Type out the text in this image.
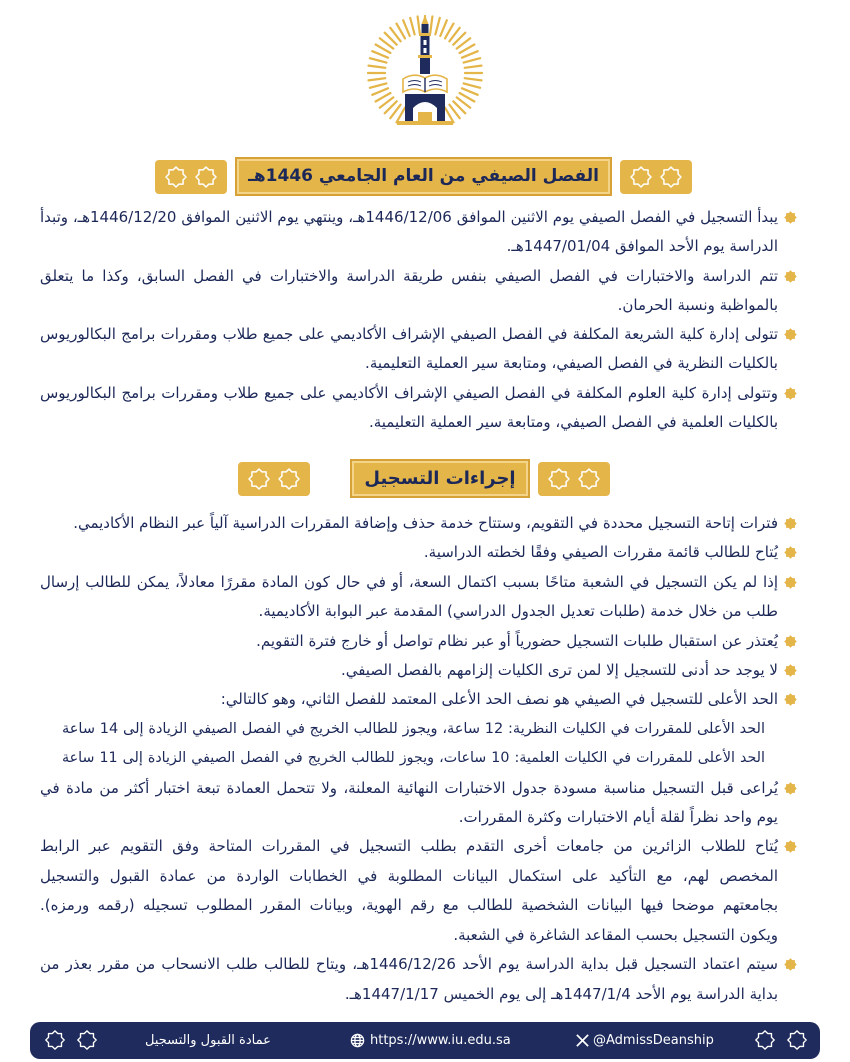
الفصل الصيفي من العام الجامعي 1446هـ
يبدأ التسجيل في الفصل الصيفي يوم الاثنين الموافق 1446/12/06هـ، وينتهي يوم الاثنين الموافق 1446/12/20هـ، وتبدأ
الدراسة يوم الأحد الموافق 1447/01/04هـ.
تتم الدراسة والاختبارات في الفصل الصيفي بنفس طريقة الدراسة والاختبارات في الفصل السابق، وكذا ما يتعلق
بالمواظبة ونسبة الحرمان.
تتولى إدارة كلية الشريعة المكلفة في الفصل الصيفي الإشراف الأكاديمي على جميع طلاب ومقررات برامج البكالوريوس
بالكليات النظرية في الفصل الصيفي، ومتابعة سير العملية التعليمية.
وتتولى إدارة كلية العلوم المكلفة في الفصل الصيفي الإشراف الأكاديمي على جميع طلاب ومقررات برامج البكالوريوس
بالكليات العلمية في الفصل الصيفي، ومتابعة سير العملية التعليمية.
إجراءات التسجيل
فترات إتاحة التسجيل محددة في التقويم، وستتاح خدمة حذف وإضافة المقررات الدراسية آلياً عبر النظام الأكاديمي.
يُتاح للطالب قائمة مقررات الصيفي وفقًا لخطته الدراسية.
إذا لم يكن التسجيل في الشعبة متاحًا بسبب اكتمال السعة، أو في حال كون المادة مقررًا معادلاً، يمكن للطالب إرسال
طلب من خلال خدمة (طلبات تعديل الجدول الدراسي) المقدمة عبر البوابة الأكاديمية.
يُعتذر عن استقبال طلبات التسجيل حضورياً أو عبر نظام تواصل أو خارج فترة التقويم.
لا يوجد حد أدنى للتسجيل إلا لمن ترى الكليات إلزامهم بالفصل الصيفي.
الحد الأعلى للتسجيل في الصيفي هو نصف الحد الأعلى المعتمد للفصل الثاني، وهو كالتالي:
الحد الأعلى للمقررات في الكليات النظرية: 12 ساعة، ويجوز للطالب الخريج في الفصل الصيفي الزيادة إلى 14 ساعة
الحد الأعلى للمقررات في الكليات العلمية: 10 ساعات، ويجوز للطالب الخريج في الفصل الصيفي الزيادة إلى 11 ساعة
يُراعى قبل التسجيل مناسبة مسودة جدول الاختبارات النهائية المعلنة، ولا تتحمل العمادة تبعة اختبار أكثر من مادة في
يوم واحد نظراً لقلة أيام الاختبارات وكثرة المقررات.
يُتاح للطلاب الزائرين من جامعات أخرى التقدم بطلب التسجيل في المقررات المتاحة وفق التقويم عبر الرابط
المخصص لهم، مع التأكيد على استكمال البيانات المطلوبة في الخطابات الواردة من عمادة القبول والتسجيل
بجامعتهم موضحا فيها البيانات الشخصية للطالب مع رقم الهوية، وبيانات المقرر المطلوب تسجيله (رقمه ورمزه).
ويكون التسجيل بحسب المقاعد الشاغرة في الشعبة.
سيتم اعتماد التسجيل قبل بداية الدراسة يوم الأحد 1446/12/26هـ، ويتاح للطالب طلب الانسحاب من مقرر بعذر من
بداية الدراسة يوم الأحد 1447/1/4هـ إلى يوم الخميس 1447/1/17هـ.
عمادة القبول والتسجيل	https://www.iu.edu.sa	@AdmissDeanship
